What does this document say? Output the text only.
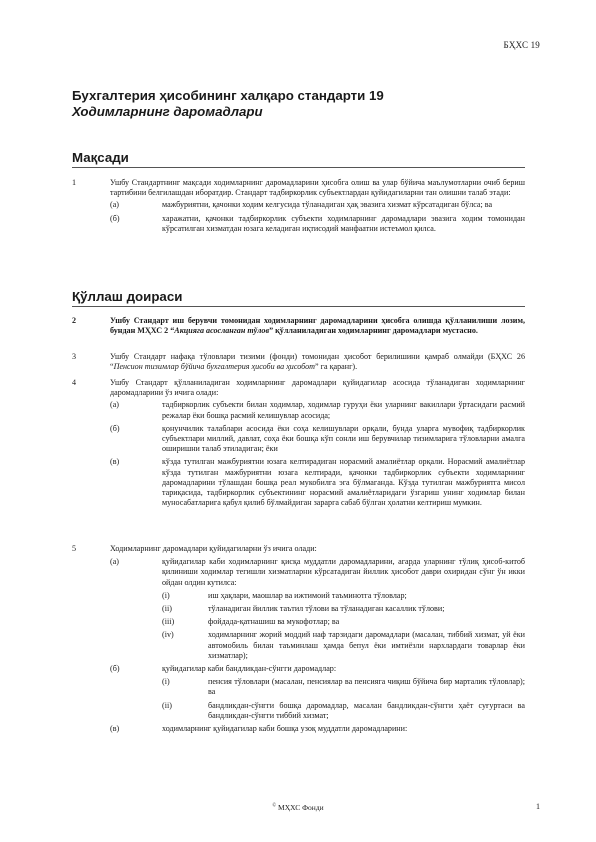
БҲХС 19
Бухгалтерия ҳисобининг халқаро стандарти 19
Ходимларнинг даромадлари
Мақсади
1	Ушбу Стандартнинг мақсади ходимларнинг даромадларини ҳисобга олиш ва улар бўйича маълумотларни очиб бериш тартибини белгилашдан иборатдир. Стандарт тадбиркорлик субъектлардан қуйидагиларни тан олишни талаб этади:
(а)	мажбуриятни, қачонки ходим келгусида тўланадиган ҳақ эвазига хизмат кўрсатадиган бўлса; ва
(б)	харажатни, қачонки тадбиркорлик субъекти ходимларнинг даромадлари эвазига ходим томонидан кўрсатилган хизматдан юзага келадиган иқтисодий манфаатни истеъмол қилса.
Қўллаш доираси
2	Ушбу Стандарт иш берувчи томонидан ходимларнинг даромадларини ҳисобга олишда қўлланилиши лозим, бундан МҲХС 2 “Акцияга асосланган тўлов” қўлланиладиган ходимларнинг даромадлари мустасно.
3	Ушбу Стандарт нафақа тўловлари тизими (фонди) томонидан ҳисобот берилишини қамраб олмайди (БҲХС 26 “Пенсион тизимлар бўйича бухгалтерия ҳисоби ва ҳисобот” га қаранг).
4	Ушбу Стандарт қўлланиладиган ходимларнинг даромадлари қуйидагилар асосида тўланадиган ходимларнинг даромадларини ўз ичига олади:
(а)	тадбиркорлик субъекти билан ходимлар, ходимлар гуруҳи ёки уларнинг вакиллари ўртасидаги расмий режалар ёки бошқа расмий келишувлар асосида;
(б)	қонунчилик талаблари асосида ёки соҳа келишувлари орқали, бунда уларга мувофиқ тадбиркорлик субъектлари миллий, давлат, соҳа ёки бошқа кўп сонли иш берувчилар тизимларига тўловларни амалга оширишни талаб этиладиган; ёки
(в)	кўзда тутилган мажбуриятни юзага келтирадиган норасмий амалиётлар орқали. Норасмий амалиётлар кўзда тутилган мажбуриятни юзага келтиради, қачонки тадбиркорлик субъекти ходимларнинг даромадларини тўлашдан бошқа реал мукобилга эга бўлмаганда. Кўзда тутилган мажбуриятга мисол тариқасида, тадбиркорлик субъектининг норасмий амалиётларидаги ўзгариш унинг ходимлар билан муносабатларига қабул қилиб бўлмайдиган зарарга сабаб бўлган ҳолатни келтириш мумкин.
5	Ходимларнинг даромадлари қуйидагиларни ўз ичига олади:
(а)	қуйидагилар каби ходимларнинг қисқа муддатли даромадларини, агарда уларнинг тўлиқ ҳисоб-китоб қилиниши ходимлар тегишли хизматларни кўрсатадиган йиллик ҳисобот даври охиридан сўнг ўн икки ойдан олдин кутилса:
(i)	иш ҳақлари, маошлар ва ижтимоий таъминотга тўловлар;
(ii)	тўланадиган йиллик таътил тўлови ва тўланадиган касаллик тўлови;
(iii)	фойдада-қатнашиш ва мукофотлар; ва
(iv)	ходимларнинг жорий моддий наф тарзидаги даромадлари (масалан, тиббий хизмат, уй ёки автомобиль билан таъминлаш ҳамда бепул ёки имтиёзли нархлардаги товарлар ёки хизматлар);
(б)	қуйидагилар каби бандликдан-сўнгги даромадлар:
(i)	пенсия тўловлари (масалан, пенсиялар ва пенсияга чиқиш бўйича бир марталик тўловлар); ва
(ii)	бандликдан-сўнгги бошқа даромадлар, масалан бандликдан-сўнгги ҳаёт суғуртаси ва бандликдан-сўнгги тиббий хизмат;
(в)	ходимларнинг қуйидагилар каби бошқа узоқ муддатли даромадларини:
© МҲХС Фонди	1
